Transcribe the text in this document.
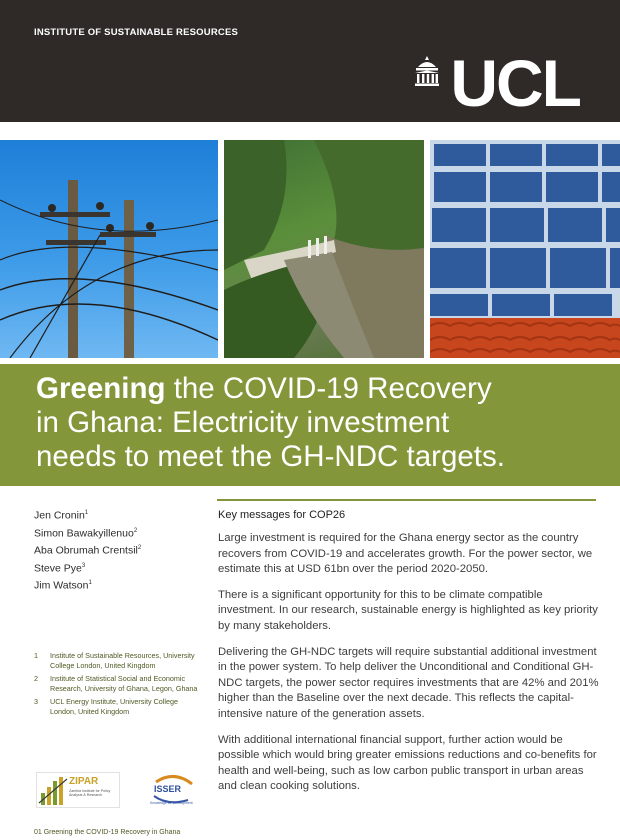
INSTITUTE OF SUSTAINABLE RESOURCES
UCL
Greening the COVID-19 Recovery
in Ghana: Electricity investment
needs to meet the GH-NDC targets.
Jen Cronin$^1$
Simon Bawakyillenuo$^2$
Aba Obrumah Crentsil$^2$
Steve Pye$^3$
Jim Watson$^1$
1	Institute of Sustainable Resources, University College London, United Kingdom
2	Institute of Statistical Social and Economic Research, University of Ghana, Legon, Ghana
3	UCL Energy Institute, University College London, United Kingdom
ZIPAR
Zambia Institute for Policy Analysis & Research
ISSER
Knowledge for Development
01 Greening the COVID-19 Recovery in Ghana
Key messages for COP26

Large investment is required for the Ghana energy sector as the country recovers from COVID-19 and accelerates growth. For the power sector, we estimate this at USD 61bn over the period 2020-2050.

There is a significant opportunity for this to be climate compatible investment. In our research, sustainable energy is highlighted as key priority by many stakeholders.

Delivering the GH-NDC targets will require substantial additional investment in the power system. To help deliver the Unconditional and Conditional GH-NDC targets, the power sector requires investments that are 42% and 201% higher than the Baseline over the next decade. This reflects the capital-intensive nature of the generation assets.

With additional international financial support, further action would be possible which would bring greater emissions reductions and co-benefits for health and well-being, such as low carbon public transport in urban areas and clean cooking solutions.
